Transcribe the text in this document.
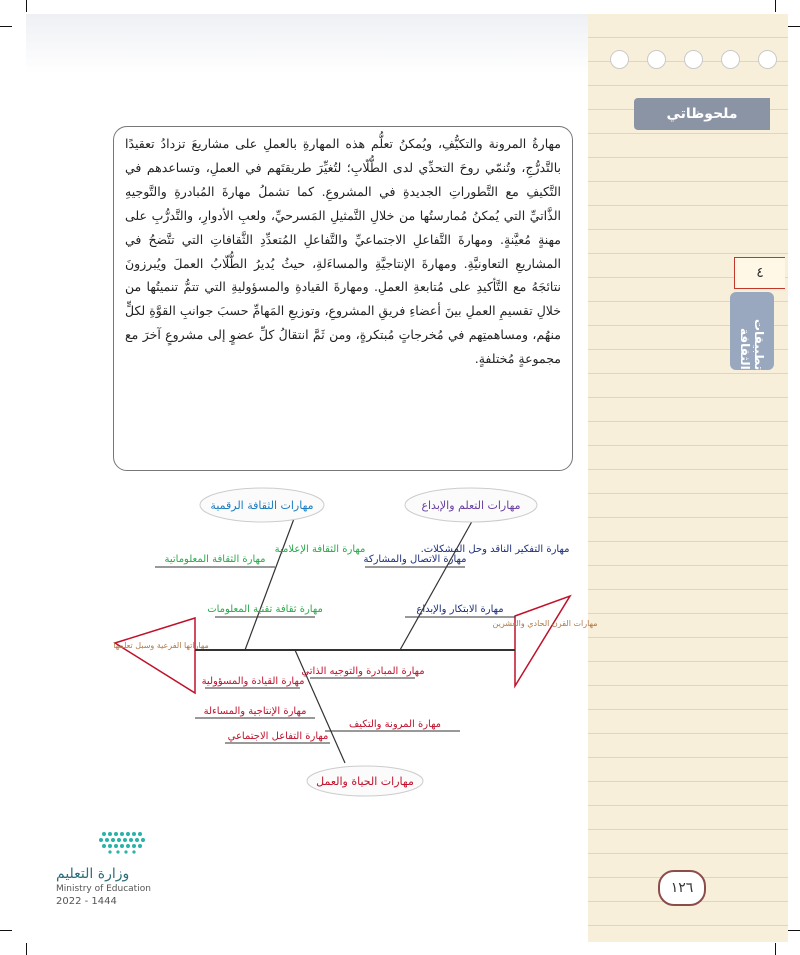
ملحوظاتي
٤
تطبيقات الثقافة
مهارةُ المرونة والتكيُّفِ، ويُمكنُ تعلُّم هذه المهارةِ بالعملِ على مشاريعَ تزدادُ تعقيدًا بالتَّدرُّجِ، وتُنمّي روحَ التحدِّي لدى الطُّلّابِ؛ لتُغيِّرَ طريقتَهم في العملِ، وتساعدهم في التَّكيفِ مع التَّطوراتِ الجديدةِ في المشروعِ. كما تشملُ مهارةَ المُبادرةِ والتَّوجيهِ الذَّاتيِّ التي يُمكنُ مُمارستُها من خلالِ التَّمثيلِ المَسرحيِّ، ولعبِ الأدوارِ، والتَّدرُّبِ على مهنةٍ مُعيَّنةٍ. ومهارةَ التَّفاعلِ الاجتماعيِّ والتَّفاعلِ المُتعدِّدِ الثَّقافاتِ التي تتَّضحُ في المشاريعِ التعاونيَّةِ. ومهارةَ الإنتاجيَّةِ والمساءَلةِ، حيثُ يُديرُ الطُّلّابُ العملَ ويُبرزونَ نتائجَهُ مع التَّأكيدِ على مُتابعةِ العملِ. ومهارةَ القيادةِ والمسؤوليةِ التي تتمُّ تنميتُها من خلالِ تقسيمِ العملِ بينَ أعضاءِ فريقِ المشروعِ، وتوزيعِ المَهامِّ حسبَ جوانبِ القوَّةِ لكلٍّ منهُم، ومساهمتِهم في مُخرجاتٍ مُبتكرةٍ، ومن ثَمَّ انتقالُ كلِّ عضوٍ إلى مشروعٍ آخرَ مع مجموعةٍ مُختلفةٍ.
مهارات القرن الحادي والعشرين
مهاراتها الفرعية وسبل تعلمها
مهارات الثقافة الرقمية	مهارات التعلم والإبداع
مهارات الحياة والعمل
مهارة الثقافة المعلوماتية
مهارة الثقافة الإعلامية
مهارة ثقافة تقنية المعلومات
مهارة الاتصال والمشاركة
مهارة التفكير الناقد وحل المشكلات.
مهارة الابتكار والإبداع
مهارة القيادة والمسؤولية
مهارة المبادرة والتوجيه الذاتي
مهارة الإنتاجية والمساءلة
مهارة المرونة والتكيف
مهارة التفاعل الاجتماعي
وزارة التعليم
Ministry of Education
2022 - 1444
١٢٦
